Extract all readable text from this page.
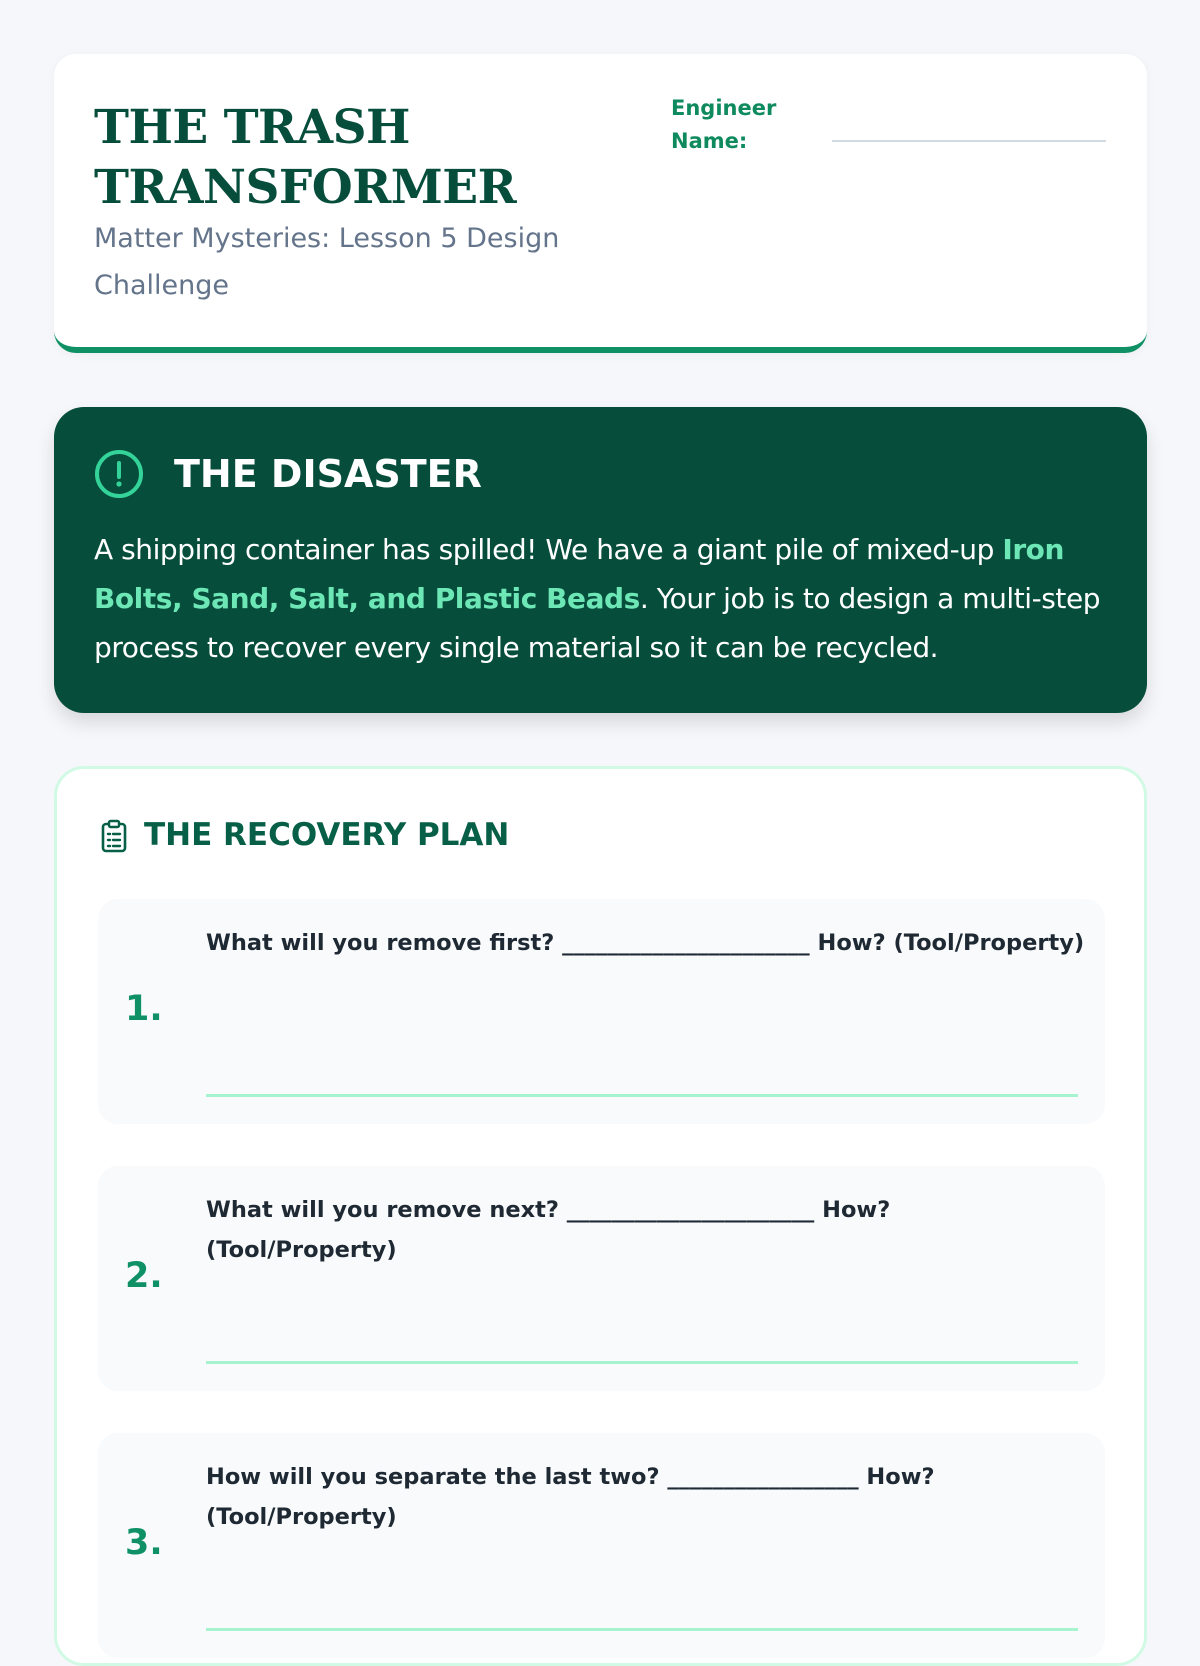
THE TRASH TRANSFORMER
Matter Mysteries: Lesson 5 Design Challenge
Engineer Name:
THE DISASTER
A shipping container has spilled! We have a giant pile of mixed-up Iron Bolts, Sand, Salt, and Plastic Beads. Your job is to design a multi-step process to recover every single material so it can be recycled.
THE RECOVERY PLAN
1.
What will you remove first? ______________________ How? (Tool/Property)
2.
What will you remove next? ______________________ How? (Tool/Property)
3.
How will you separate the last two? _________________ How? (Tool/Property)
